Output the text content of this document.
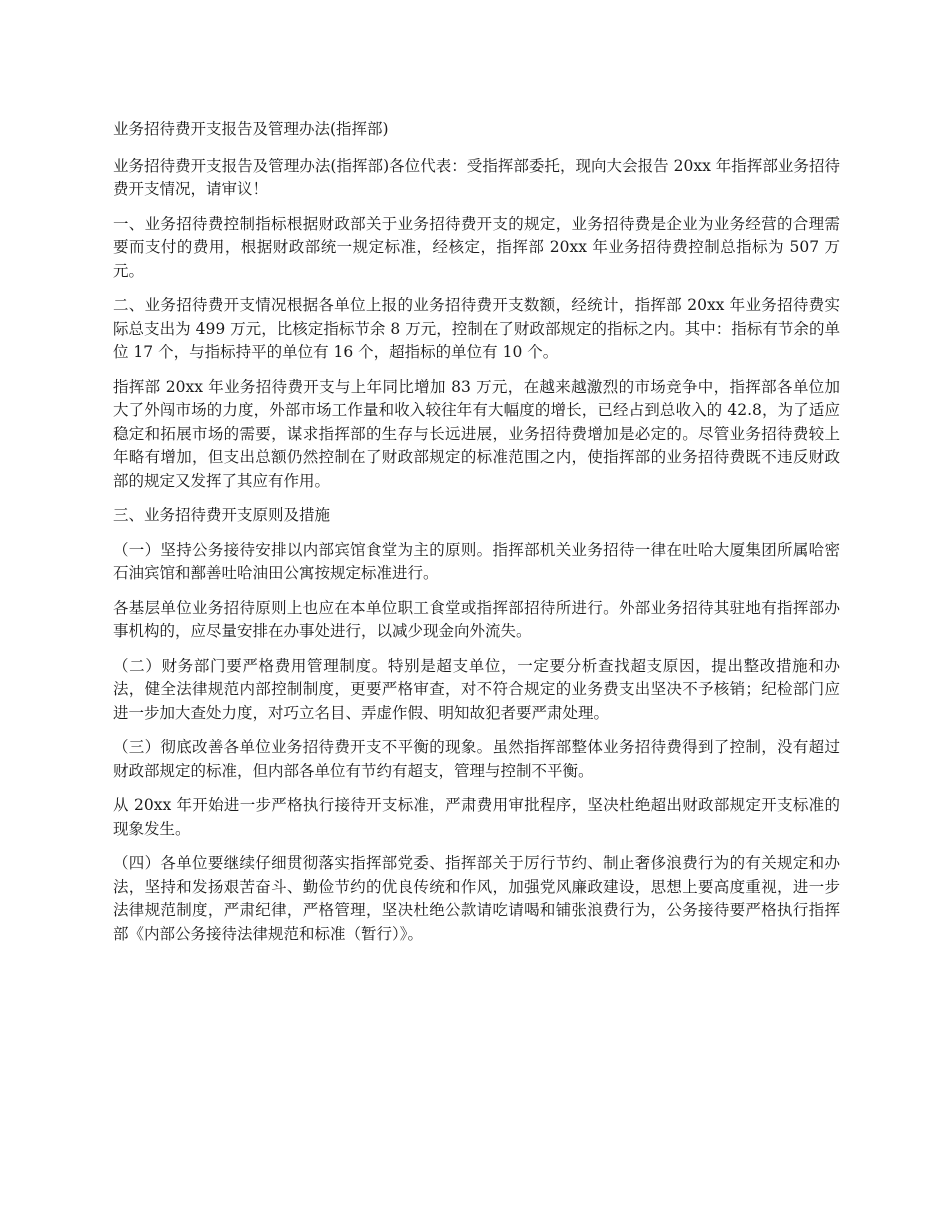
业务招待费开支报告及管理办法(指挥部)

业务招待费开支报告及管理办法(指挥部)各位代表：受指挥部委托，现向大会报告 20xx 年指挥部业务招待费开支情况，请审议！

一、业务招待费控制指标根据财政部关于业务招待费开支的规定，业务招待费是企业为业务经营的合理需要而支付的费用，根据财政部统一规定标准，经核定，指挥部 20xx 年业务招待费控制总指标为 507 万元。

二、业务招待费开支情况根据各单位上报的业务招待费开支数额，经统计，指挥部 20xx 年业务招待费实际总支出为 499 万元，比核定指标节余 8 万元，控制在了财政部规定的指标之内。其中：指标有节余的单位 17 个，与指标持平的单位有 16 个，超指标的单位有 10 个。

指挥部 20xx 年业务招待费开支与上年同比增加 83 万元，在越来越激烈的市场竞争中，指挥部各单位加大了外闯市场的力度，外部市场工作量和收入较往年有大幅度的增长，已经占到总收入的 42.8，为了适应稳定和拓展市场的需要，谋求指挥部的生存与长远进展，业务招待费增加是必定的。尽管业务招待费较上年略有增加，但支出总额仍然控制在了财政部规定的标准范围之内，使指挥部的业务招待费既不违反财政部的规定又发挥了其应有作用。

三、业务招待费开支原则及措施

（一）坚持公务接待安排以内部宾馆食堂为主的原则。指挥部机关业务招待一律在吐哈大厦集团所属哈密石油宾馆和鄯善吐哈油田公寓按规定标准进行。

各基层单位业务招待原则上也应在本单位职工食堂或指挥部招待所进行。外部业务招待其驻地有指挥部办事机构的，应尽量安排在办事处进行，以减少现金向外流失。

（二）财务部门要严格费用管理制度。特别是超支单位，一定要分析查找超支原因，提出整改措施和办法，健全法律规范内部控制制度，更要严格审查，对不符合规定的业务费支出坚决不予核销；纪检部门应进一步加大查处力度，对巧立名目、弄虚作假、明知故犯者要严肃处理。

（三）彻底改善各单位业务招待费开支不平衡的现象。虽然指挥部整体业务招待费得到了控制，没有超过财政部规定的标准，但内部各单位有节约有超支，管理与控制不平衡。

从 20xx 年开始进一步严格执行接待开支标准，严肃费用审批程序，坚决杜绝超出财政部规定开支标准的现象发生。

（四）各单位要继续仔细贯彻落实指挥部党委、指挥部关于厉行节约、制止奢侈浪费行为的有关规定和办法，坚持和发扬艰苦奋斗、勤俭节约的优良传统和作风，加强党风廉政建设，思想上要高度重视，进一步法律规范制度，严肃纪律，严格管理，坚决杜绝公款请吃请喝和铺张浪费行为，公务接待要严格执行指挥部《内部公务接待法律规范和标准（暂行）》。
